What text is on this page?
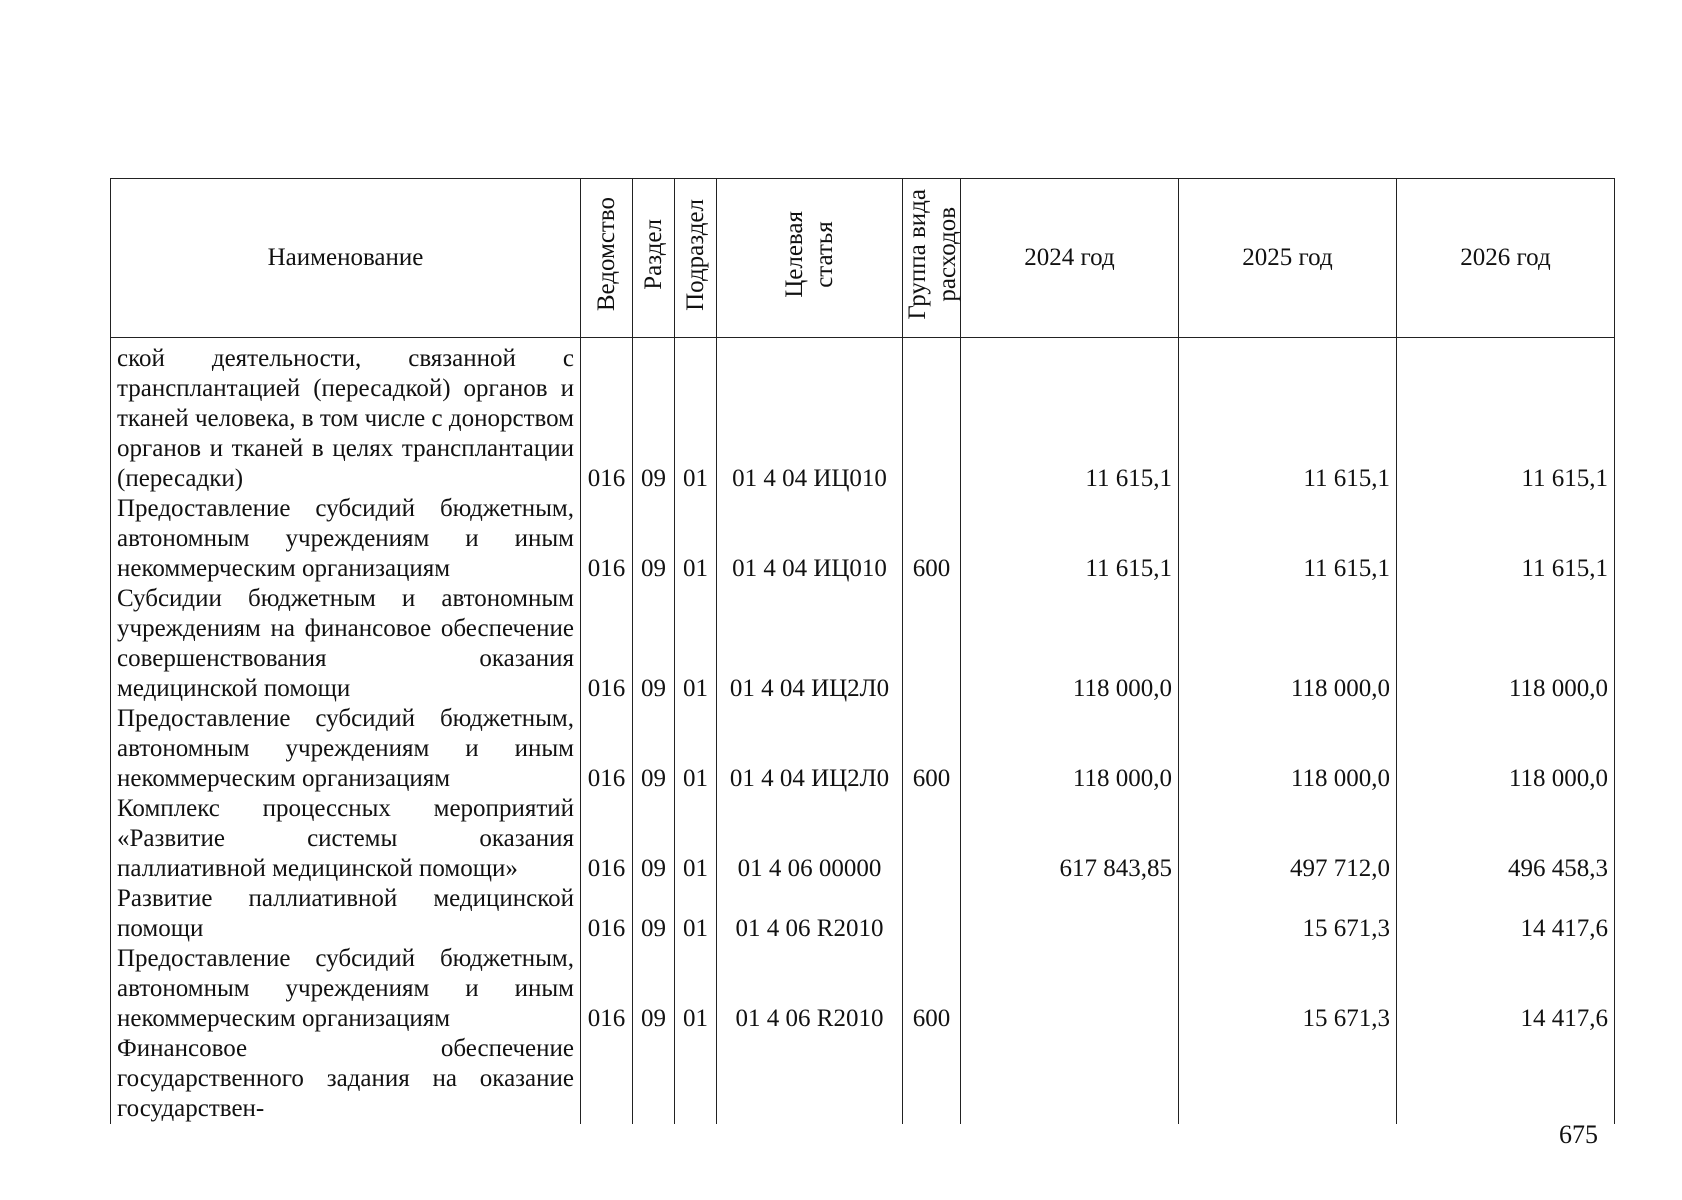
Наименование	Ведомство	Раздел	Подраздел	Целевая статья	Группа вида расходов	2024 год	2025 год	2026 год
ской деятельности, связанной с трансплантацией (пересадкой) органов и тканей человека, в том числе с донорством органов и тканей в целях трансплантации (пересадки)	016	09	01	01 4 04 ИЦ010		11 615,1	11 615,1	11 615,1
Предоставление субсидий бюджетным, автономным учреждениям и иным некоммерческим организациям	016	09	01	01 4 04 ИЦ010	600	11 615,1	11 615,1	11 615,1
Субсидии бюджетным и автономным учреждениям на финансовое обеспечение совершенствования оказания медицинской помощи	016	09	01	01 4 04 ИЦ2Л0		118 000,0	118 000,0	118 000,0
Предоставление субсидий бюджетным, автономным учреждениям и иным некоммерческим организациям	016	09	01	01 4 04 ИЦ2Л0	600	118 000,0	118 000,0	118 000,0
Комплекс процессных мероприятий «Развитие системы оказания паллиативной медицинской помощи»	016	09	01	01 4 06 00000		617 843,85	497 712,0	496 458,3
Развитие паллиативной медицинской помощи	016	09	01	01 4 06 R2010			15 671,3	14 417,6
Предоставление субсидий бюджетным, автономным учреждениям и иным некоммерческим организациям	016	09	01	01 4 06 R2010	600		15 671,3	14 417,6
Финансовое обеспечение государственного задания на оказание государствен-								
675
